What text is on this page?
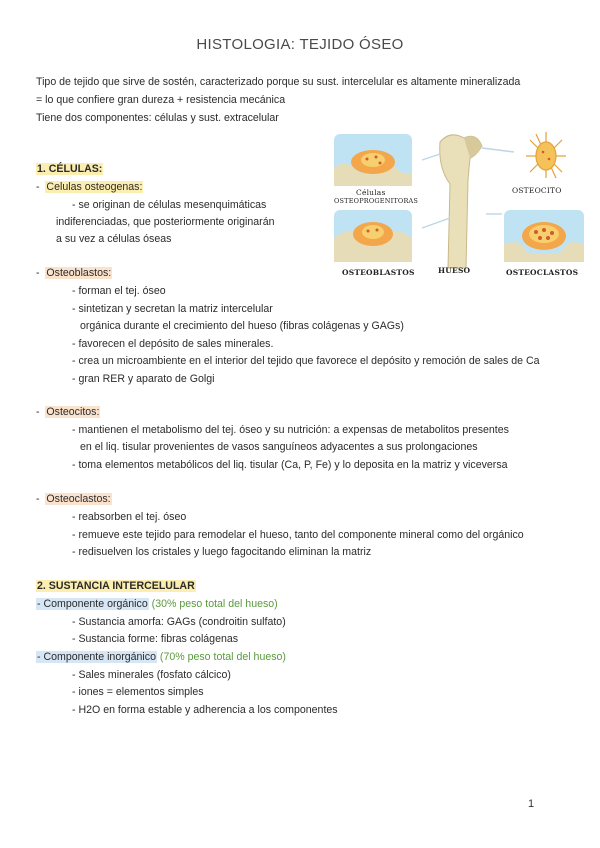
HISTOLOGIA: TEJIDO ÓSEO
Tipo de tejido que sirve de sostén, caracterizado porque su sust. intercelular es altamente mineralizada
= lo que confiere gran dureza + resistencia mecánica
Tiene dos componentes: células y sust. extracelular
1. CÉLULAS:
- Celulas osteogenas:
- se originan de células mesenquimáticas
indiferenciadas, que posteriormente originarán
a su vez a células óseas
- Osteoblastos:
- forman el tej. óseo
- sintetizan y secretan la matriz intercelular
orgánica durante el crecimiento del hueso (fibras colágenas y GAGs)
- favorecen el depósito de sales minerales.
- crea un microambiente en el interior del tejido que favorece el depósito y remoción de sales de Ca
- gran RER y aparato de Golgi
- Osteocitos:
- mantienen el metabolismo del tej. óseo y su nutrición: a expensas de metabolitos presentes
en el liq. tisular provenientes de vasos sanguíneos adyacentes a sus prolongaciones
- toma elementos metabólicos del liq. tisular (Ca, P, Fe) y lo deposita en la matriz y viceversa
- Osteoclastos:
- reabsorben el tej. óseo
- remueve este tejido para remodelar el hueso, tanto del componente mineral como del orgánico
- redisuelven los cristales y luego fagocitando eliminan la matriz
2. SUSTANCIA INTERCELULAR
- Componente orgánico (30% peso total del hueso)
- Sustancia amorfa: GAGs (condroitin sulfato)
- Sustancia forme: fibras colágenas
- Componente inorgánico (70% peso total del hueso)
- Sales minerales (fosfato cálcico)
- iones = elementos simples
- H2O en forma estable y adherencia a los componentes
Células
OSTEOPROGENITORAS
OSTEOCITO
OSTEOBLASTOS	HUESO	OSTEOCLASTOS
1
